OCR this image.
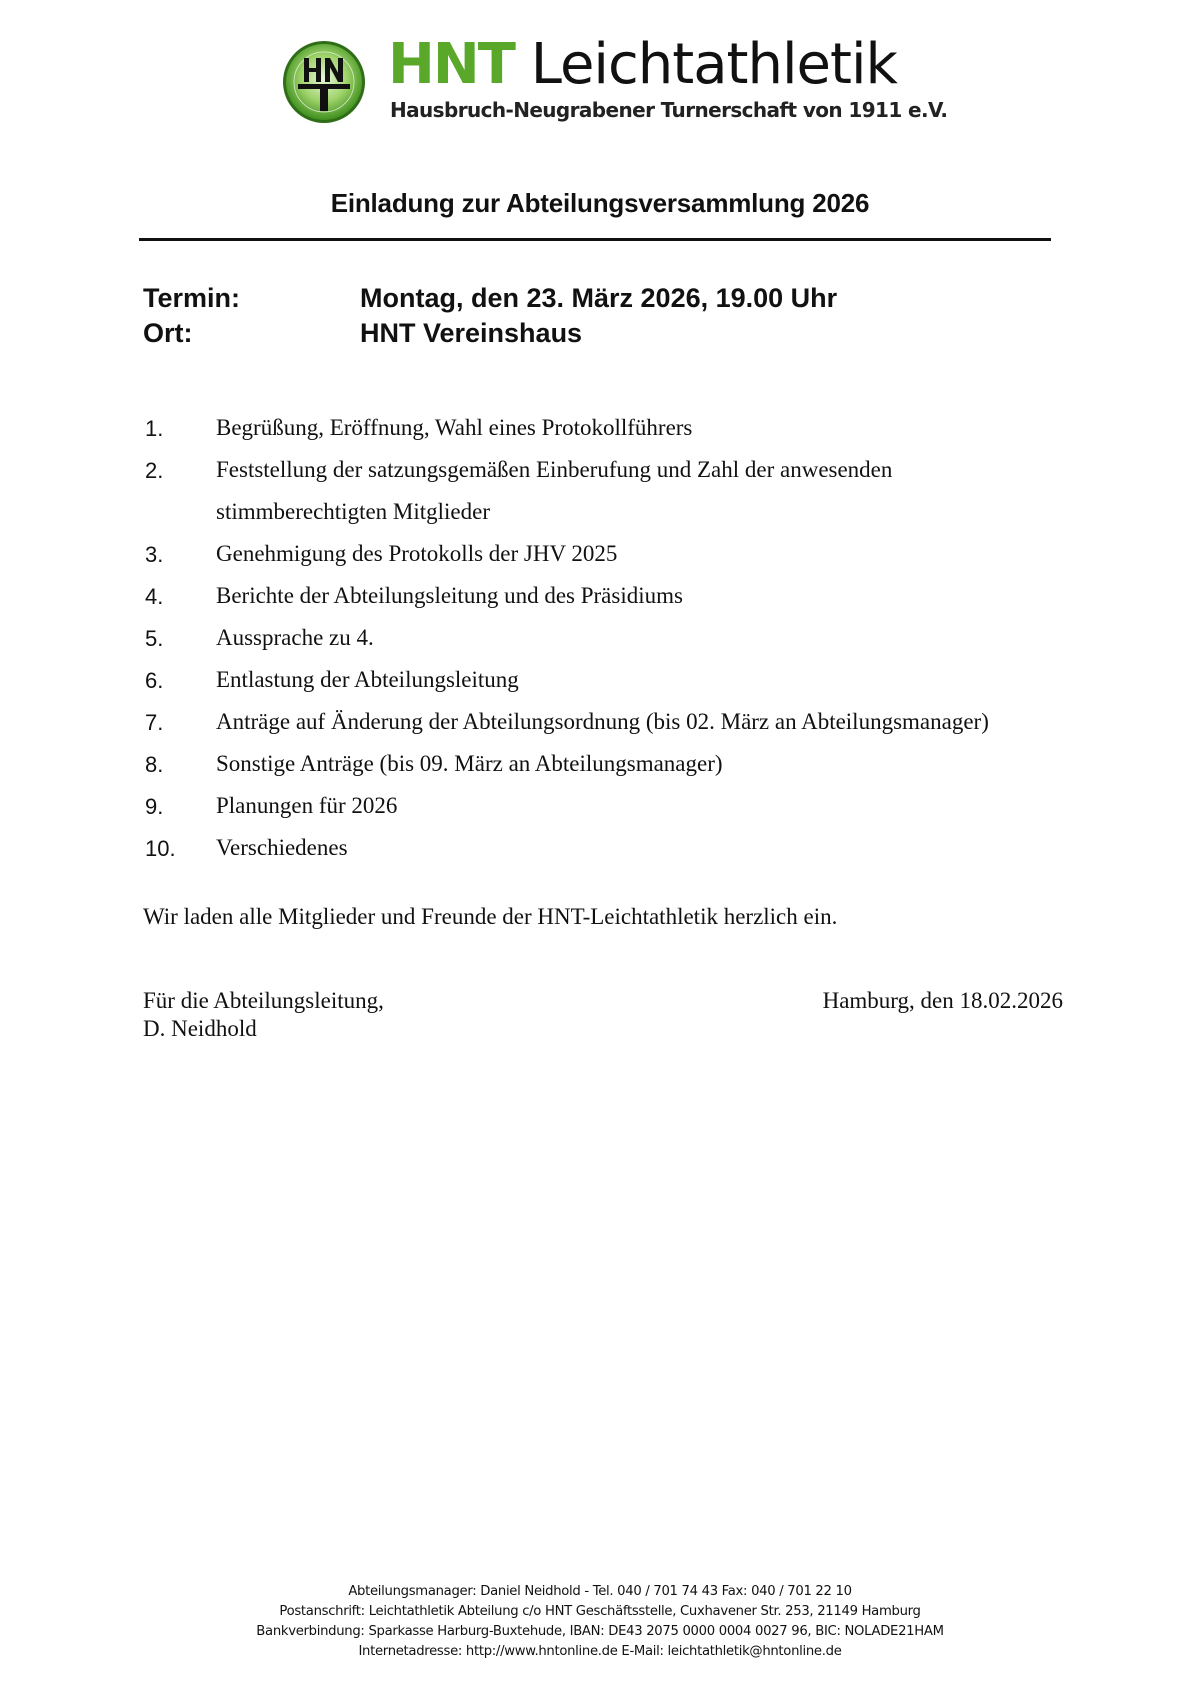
HNT Leichtathletik
Hausbruch-Neugrabener Turnerschaft von 1911 e.V.
Einladung zur Abteilungsversammlung 2026
Termin:	Montag, den 23. März 2026, 19.00 Uhr
Ort:	HNT Vereinshaus
1. Begrüßung, Eröffnung, Wahl eines Protokollführers
2. Feststellung der satzungsgemäßen Einberufung und Zahl der anwesenden stimmberechtigten Mitglieder
3. Genehmigung des Protokolls der JHV 2025
4. Berichte der Abteilungsleitung und des Präsidiums
5. Aussprache zu 4.
6. Entlastung der Abteilungsleitung
7. Anträge auf Änderung der Abteilungsordnung (bis 02. März an Abteilungsmanager)
8. Sonstige Anträge (bis 09. März an Abteilungsmanager)
9. Planungen für 2026
10. Verschiedenes
Wir laden alle Mitglieder und Freunde der HNT-Leichtathletik herzlich ein.
Für die Abteilungsleitung,
D. Neidhold
Hamburg, den 18.02.2026
Abteilungsmanager: Daniel Neidhold - Tel. 040 / 701 74 43 Fax: 040 / 701 22 10
Postanschrift: Leichtathletik Abteilung c/o HNT Geschäftsstelle, Cuxhavener Str. 253, 21149 Hamburg
Bankverbindung: Sparkasse Harburg-Buxtehude, IBAN: DE43 2075 0000 0004 0027 96, BIC: NOLADE21HAM
Internetadresse: http://www.hntonline.de E-Mail: leichtathletik@hntonline.de
